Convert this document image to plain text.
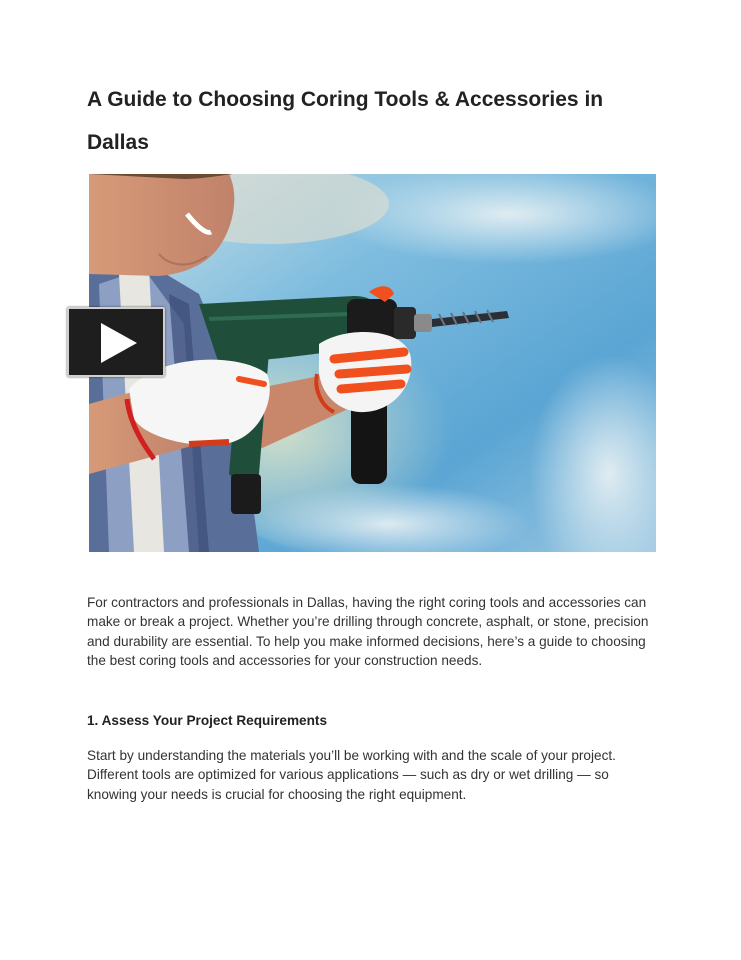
A Guide to Choosing Coring Tools & Accessories in Dallas

For contractors and professionals in Dallas, having the right coring tools and accessories can make or break a project. Whether you’re drilling through concrete, asphalt, or stone, precision and durability are essential. To help you make informed decisions, here’s a guide to choosing the best coring tools and accessories for your construction needs.

1. Assess Your Project Requirements

Start by understanding the materials you’ll be working with and the scale of your project. Different tools are optimized for various applications — such as dry or wet drilling — so knowing your needs is crucial for choosing the right equipment.
